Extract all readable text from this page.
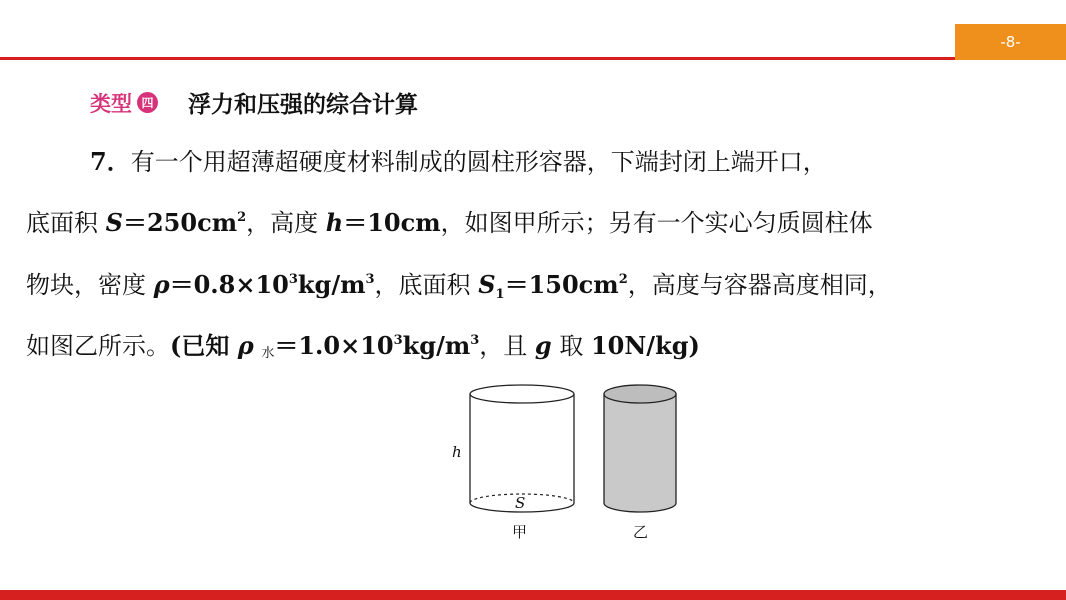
-8-
类型 四 浮力和压强的综合计算
7．有一个用超薄超硬度材料制成的圆柱形容器，下端封闭上端开口，
底面积 $S=250cm^2$，高度 h＝10cm，如图甲所示；另有一个实心匀质圆柱体
物块，密度 $\rho=0.8\times 10^3kg/m^3$，底面积 $S_1=150cm^2$，高度与容器高度相同，
如图乙所示。(已知 ρ 水$=1.0\times 10^3kg/m^3$，且 g 取 10N/kg)
h
S
甲	乙
